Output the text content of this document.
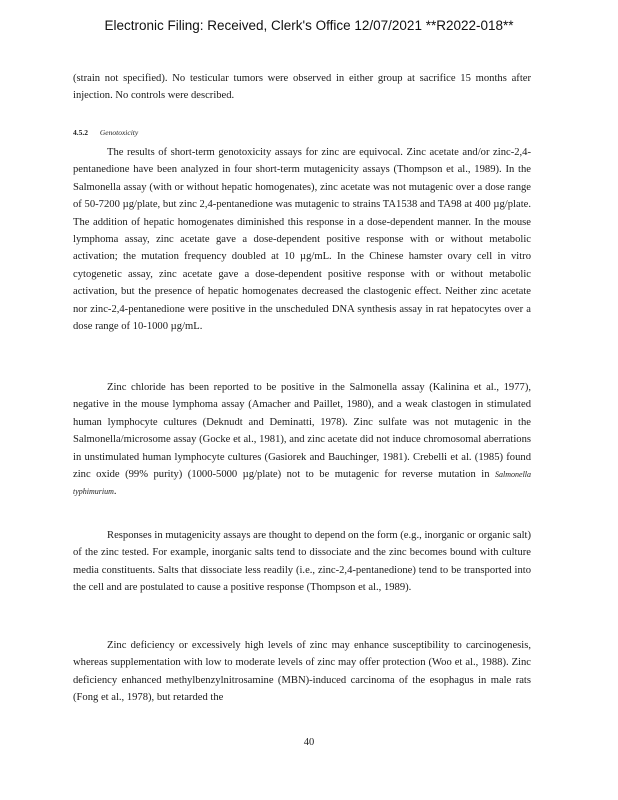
Electronic Filing: Received, Clerk's Office 12/07/2021 **R2022-018**

(strain not specified). No testicular tumors were observed in either group at sacrifice 15 months after injection. No controls were described.

4.5.2 Genotoxicity

The results of short-term genotoxicity assays for zinc are equivocal. Zinc acetate and/or zinc-2,4-pentanedione have been analyzed in four short-term mutagenicity assays (Thompson et al., 1989). In the Salmonella assay (with or without hepatic homogenates), zinc acetate was not mutagenic over a dose range of 50-7200 µg/plate, but zinc 2,4-pentanedione was mutagenic to strains TA1538 and TA98 at 400 µg/plate. The addition of hepatic homogenates diminished this response in a dose-dependent manner. In the mouse lymphoma assay, zinc acetate gave a dose-dependent positive response with or without metabolic activation; the mutation frequency doubled at 10 µg/mL. In the Chinese hamster ovary cell in vitro cytogenetic assay, zinc acetate gave a dose-dependent positive response with or without metabolic activation, but the presence of hepatic homogenates decreased the clastogenic effect. Neither zinc acetate nor zinc-2,4-pentanedione were positive in the unscheduled DNA synthesis assay in rat hepatocytes over a dose range of 10-1000 µg/mL.

Zinc chloride has been reported to be positive in the Salmonella assay (Kalinina et al., 1977), negative in the mouse lymphoma assay (Amacher and Paillet, 1980), and a weak clastogen in stimulated human lymphocyte cultures (Deknudt and Deminatti, 1978). Zinc sulfate was not mutagenic in the Salmonella/microsome assay (Gocke et al., 1981), and zinc acetate did not induce chromosomal aberrations in unstimulated human lymphocyte cultures (Gasiorek and Bauchinger, 1981). Crebelli et al. (1985) found zinc oxide (99% purity) (1000-5000 µg/plate) not to be mutagenic for reverse mutation in Salmonella typhimurium.

Responses in mutagenicity assays are thought to depend on the form (e.g., inorganic or organic salt) of the zinc tested. For example, inorganic salts tend to dissociate and the zinc becomes bound with culture media constituents. Salts that dissociate less readily (i.e., zinc-2,4-pentanedione) tend to be transported into the cell and are postulated to cause a positive response (Thompson et al., 1989).

Zinc deficiency or excessively high levels of zinc may enhance susceptibility to carcinogenesis, whereas supplementation with low to moderate levels of zinc may offer protection (Woo et al., 1988). Zinc deficiency enhanced methylbenzylnitrosamine (MBN)-induced carcinoma of the esophagus in male rats (Fong et al., 1978), but retarded the

40
